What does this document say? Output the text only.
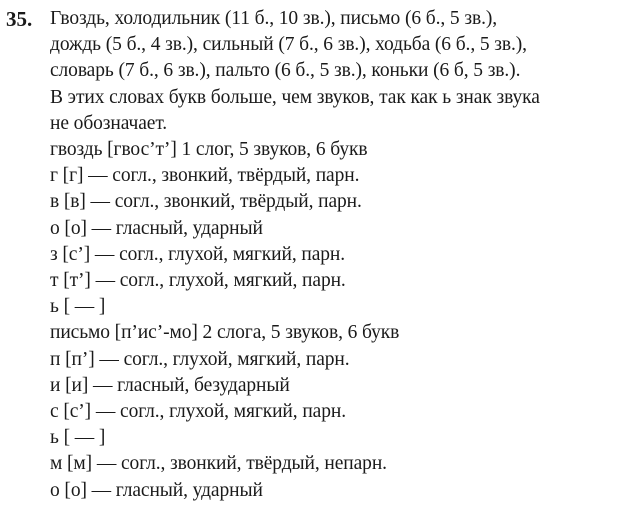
35. Гвоздь, холодильник (11 б., 10 зв.), письмо (6 б., 5 зв.),
дождь (5 б., 4 зв.), сильный (7 б., 6 зв.), ходьба (6 б., 5 зв.),
словарь (7 б., 6 зв.), пальто (6 б., 5 зв.), коньки (6 б, 5 зв.).
В этих словах букв больше, чем звуков, так как ь знак звука
не обозначает.
гвоздь [гвос’т’] 1 слог, 5 звуков, 6 букв
г [г] — согл., звонкий, твёрдый, парн.
в [в] — согл., звонкий, твёрдый, парн.
о [о] — гласный, ударный
з [с’] — согл., глухой, мягкий, парн.
т [т’] — согл., глухой, мягкий, парн.
ь [ — ]
письмо [п’ис’-мо] 2 слога, 5 звуков, 6 букв
п [п’] — согл., глухой, мягкий, парн.
и [и] — гласный, безударный
с [с’] — согл., глухой, мягкий, парн.
ь [ — ]
м [м] — согл., звонкий, твёрдый, непарн.
о [о] — гласный, ударный
